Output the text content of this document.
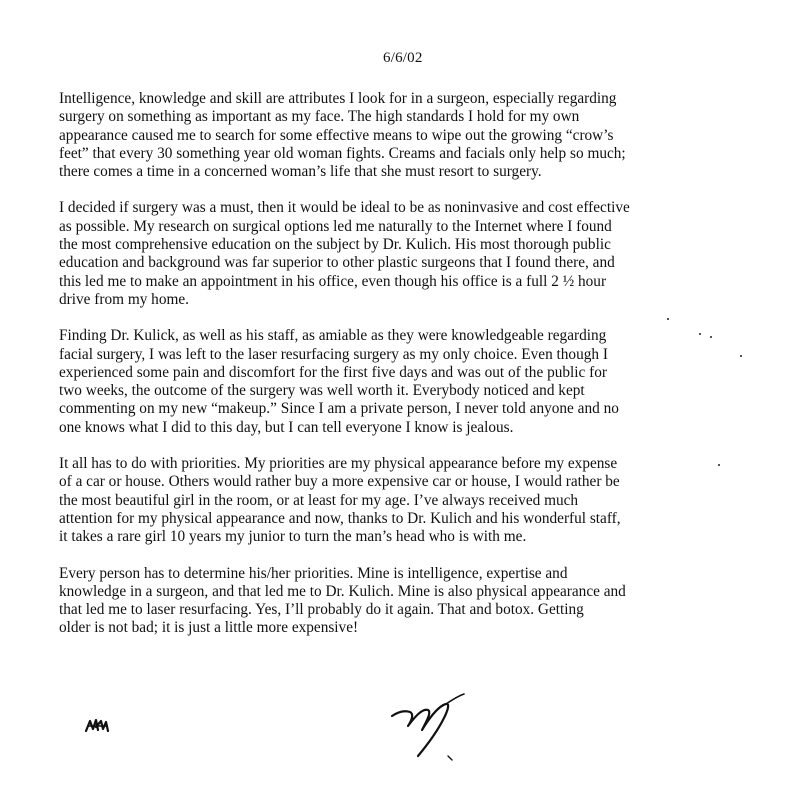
6/6/02
Intelligence, knowledge and skill are attributes I look for in a surgeon, especially regarding
surgery on something as important as my face. The high standards I hold for my own
appearance caused me to search for some effective means to wipe out the growing “crow’s
feet” that every 30 something year old woman fights. Creams and facials only help so much;
there comes a time in a concerned woman’s life that she must resort to surgery.
I decided if surgery was a must, then it would be ideal to be as noninvasive and cost effective
as possible. My research on surgical options led me naturally to the Internet where I found
the most comprehensive education on the subject by Dr. Kulich. His most thorough public
education and background was far superior to other plastic surgeons that I found there, and
this led me to make an appointment in his office, even though his office is a full 2 ½ hour
drive from my home.
Finding Dr. Kulick, as well as his staff, as amiable as they were knowledgeable regarding
facial surgery, I was left to the laser resurfacing surgery as my only choice. Even though I
experienced some pain and discomfort for the first five days and was out of the public for
two weeks, the outcome of the surgery was well worth it. Everybody noticed and kept
commenting on my new “makeup.” Since I am a private person, I never told anyone and no
one knows what I did to this day, but I can tell everyone I know is jealous.
It all has to do with priorities. My priorities are my physical appearance before my expense
of a car or house. Others would rather buy a more expensive car or house, I would rather be
the most beautiful girl in the room, or at least for my age. I’ve always received much
attention for my physical appearance and now, thanks to Dr. Kulich and his wonderful staff,
it takes a rare girl 10 years my junior to turn the man’s head who is with me.
Every person has to determine his/her priorities. Mine is intelligence, expertise and
knowledge in a surgeon, and that led me to Dr. Kulich. Mine is also physical appearance and
that led me to laser resurfacing. Yes, I’ll probably do it again. That and botox. Getting
older is not bad; it is just a little more expensive!
